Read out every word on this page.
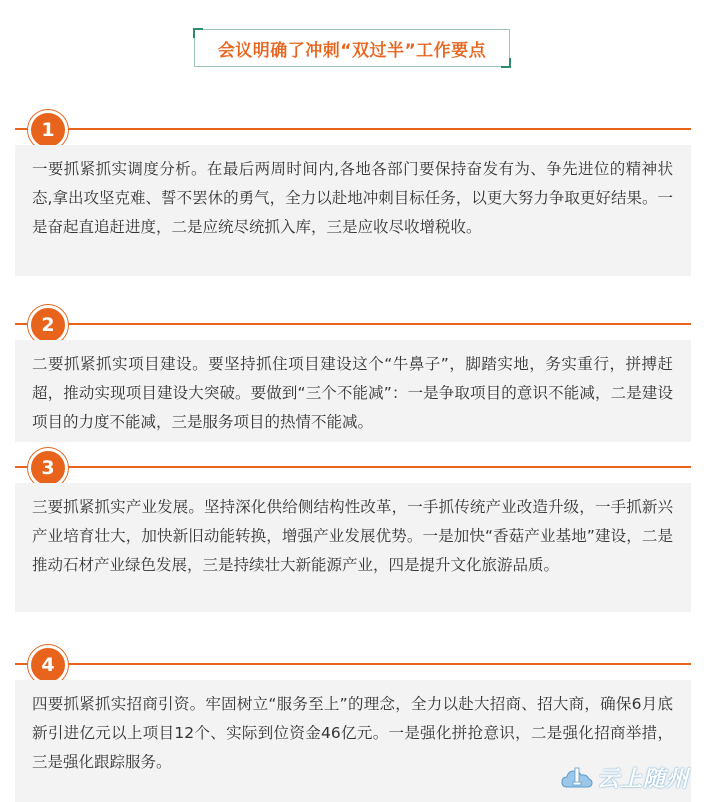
会议明确了冲刺“双过半”工作要点
1
一要抓紧抓实调度分析。在最后两周时间内,各地各部门要保持奋发有为、争先进位的精神状态,拿出攻坚克难、誓不罢休的勇气，全力以赴地冲刺目标任务，以更大努力争取更好结果。一是奋起直追赶进度，二是应统尽统抓入库，三是应收尽收增税收。
2
二要抓紧抓实项目建设。要坚持抓住项目建设这个“牛鼻子”，脚踏实地，务实重行，拼搏赶超，推动实现项目建设大突破。要做到“三个不能减”：一是争取项目的意识不能减，二是建设项目的力度不能减，三是服务项目的热情不能减。
3
三要抓紧抓实产业发展。坚持深化供给侧结构性改革，一手抓传统产业改造升级，一手抓新兴产业培育壮大，加快新旧动能转换，增强产业发展优势。一是加快“香菇产业基地”建设，二是推动石材产业绿色发展，三是持续壮大新能源产业，四是提升文化旅游品质。
4
四要抓紧抓实招商引资。牢固树立“服务至上”的理念，全力以赴大招商、招大商，确保6月底新引进亿元以上项目12个、实际到位资金46亿元。一是强化拼抢意识，二是强化招商举措，三是强化跟踪服务。
云上随州
